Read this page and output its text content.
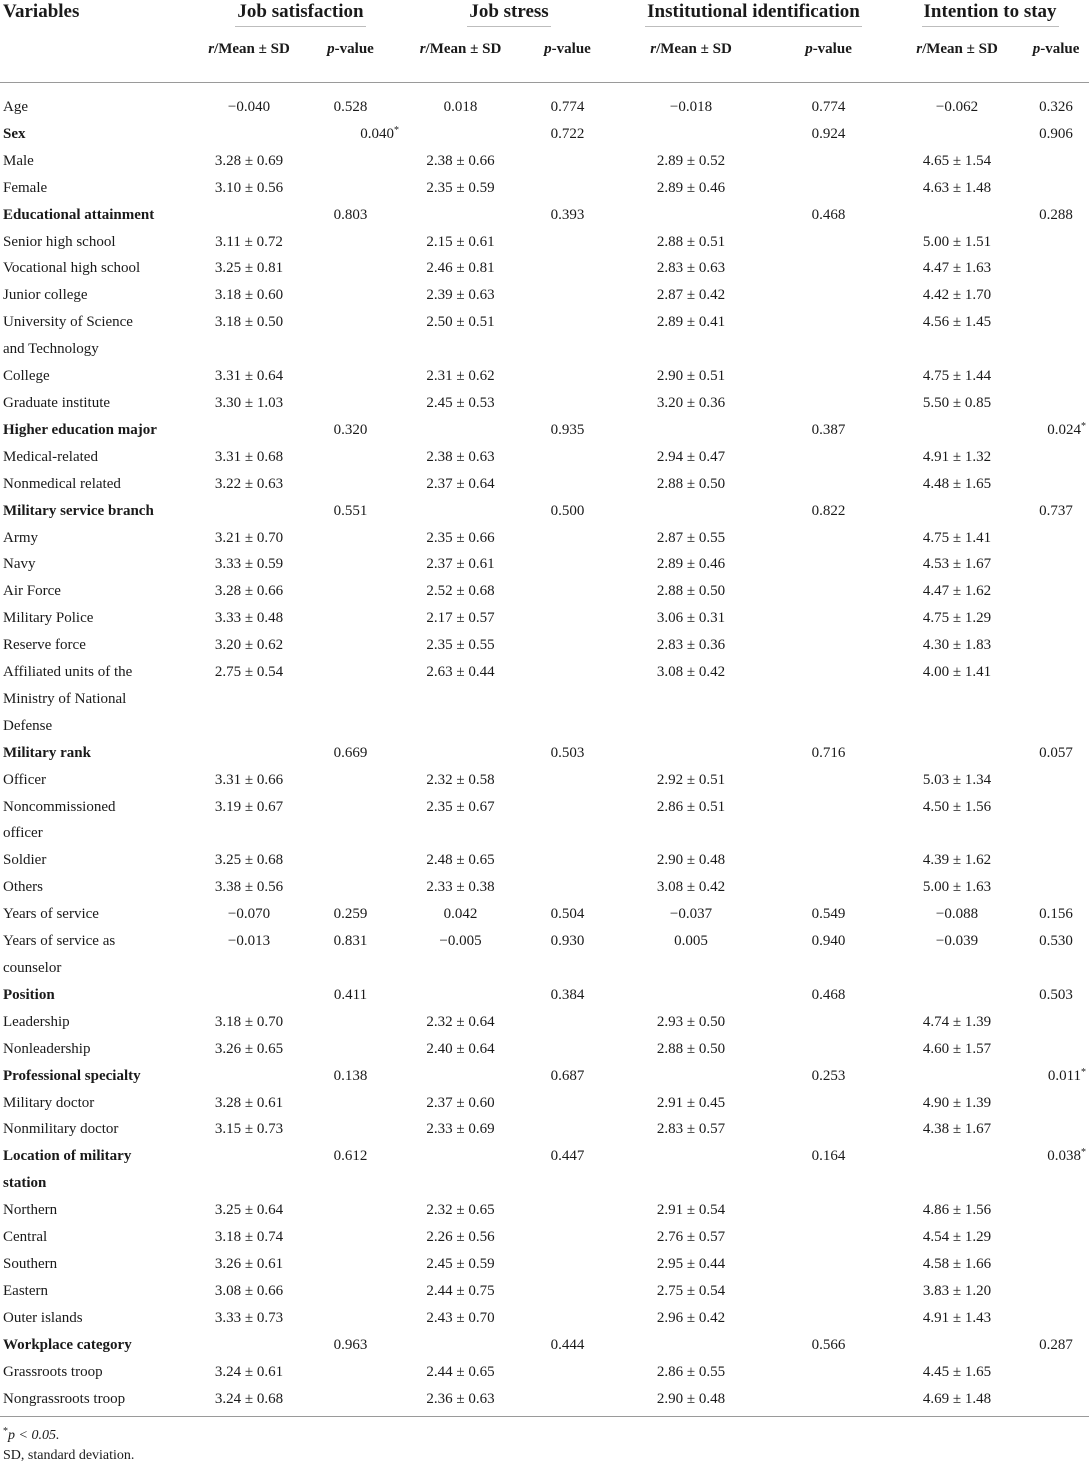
Variables	Job satisfaction		Job stress		Institutional identification		Intention to stay	
	r/Mean ± SD	p-value	r/Mean ± SD	p-value	r/Mean ± SD	p-value	r/Mean ± SD	p-value

Age	−0.040	0.528	0.018	0.774	−0.018	0.774	−0.062	0.326
Sex		0.040*		0.722		0.924		0.906
Male	3.28 ± 0.69		2.38 ± 0.66		2.89 ± 0.52		4.65 ± 1.54	
Female	3.10 ± 0.56		2.35 ± 0.59		2.89 ± 0.46		4.63 ± 1.48	
Educational attainment		0.803		0.393		0.468		0.288
Senior high school	3.11 ± 0.72		2.15 ± 0.61		2.88 ± 0.51		5.00 ± 1.51	
Vocational high school	3.25 ± 0.81		2.46 ± 0.81		2.83 ± 0.63		4.47 ± 1.63	
Junior college	3.18 ± 0.60		2.39 ± 0.63		2.87 ± 0.42		4.42 ± 1.70	
University of Science
and Technology	3.18 ± 0.50		2.50 ± 0.51		2.89 ± 0.41		4.56 ± 1.45	
College	3.31 ± 0.64		2.31 ± 0.62		2.90 ± 0.51		4.75 ± 1.44	
Graduate institute	3.30 ± 1.03		2.45 ± 0.53		3.20 ± 0.36		5.50 ± 0.85	
Higher education major		0.320		0.935		0.387		0.024*
Medical-related	3.31 ± 0.68		2.38 ± 0.63		2.94 ± 0.47		4.91 ± 1.32	
Nonmedical related	3.22 ± 0.63		2.37 ± 0.64		2.88 ± 0.50		4.48 ± 1.65	
Military service branch		0.551		0.500		0.822		0.737
Army	3.21 ± 0.70		2.35 ± 0.66		2.87 ± 0.55		4.75 ± 1.41	
Navy	3.33 ± 0.59		2.37 ± 0.61		2.89 ± 0.46		4.53 ± 1.67	
Air Force	3.28 ± 0.66		2.52 ± 0.68		2.88 ± 0.50		4.47 ± 1.62	
Military Police	3.33 ± 0.48		2.17 ± 0.57		3.06 ± 0.31		4.75 ± 1.29	
Reserve force	3.20 ± 0.62		2.35 ± 0.55		2.83 ± 0.36		4.30 ± 1.83	
Affiliated units of the
Ministry of National
Defense	2.75 ± 0.54		2.63 ± 0.44		3.08 ± 0.42		4.00 ± 1.41	
Military rank		0.669		0.503		0.716		0.057
Officer	3.31 ± 0.66		2.32 ± 0.58		2.92 ± 0.51		5.03 ± 1.34	
Noncommissioned
officer	3.19 ± 0.67		2.35 ± 0.67		2.86 ± 0.51		4.50 ± 1.56	
Soldier	3.25 ± 0.68		2.48 ± 0.65		2.90 ± 0.48		4.39 ± 1.62	
Others	3.38 ± 0.56		2.33 ± 0.38		3.08 ± 0.42		5.00 ± 1.63	
Years of service	−0.070	0.259	0.042	0.504	−0.037	0.549	−0.088	0.156
Years of service as
counselor	−0.013	0.831	−0.005	0.930	0.005	0.940	−0.039	0.530
Position		0.411		0.384		0.468		0.503
Leadership	3.18 ± 0.70		2.32 ± 0.64		2.93 ± 0.50		4.74 ± 1.39	
Nonleadership	3.26 ± 0.65		2.40 ± 0.64		2.88 ± 0.50		4.60 ± 1.57	
Professional specialty		0.138		0.687		0.253		0.011*
Military doctor	3.28 ± 0.61		2.37 ± 0.60		2.91 ± 0.45		4.90 ± 1.39	
Nonmilitary doctor	3.15 ± 0.73		2.33 ± 0.69		2.83 ± 0.57		4.38 ± 1.67	
Location of military
station		0.612		0.447		0.164		0.038*
Northern	3.25 ± 0.64		2.32 ± 0.65		2.91 ± 0.54		4.86 ± 1.56	
Central	3.18 ± 0.74		2.26 ± 0.56		2.76 ± 0.57		4.54 ± 1.29	
Southern	3.26 ± 0.61		2.45 ± 0.59		2.95 ± 0.44		4.58 ± 1.66	
Eastern	3.08 ± 0.66		2.44 ± 0.75		2.75 ± 0.54		3.83 ± 1.20	
Outer islands	3.33 ± 0.73		2.43 ± 0.70		2.96 ± 0.42		4.91 ± 1.43	
Workplace category		0.963		0.444		0.566		0.287
Grassroots troop	3.24 ± 0.61		2.44 ± 0.65		2.86 ± 0.55		4.45 ± 1.65	
Nongrassroots troop	3.24 ± 0.68		2.36 ± 0.63		2.90 ± 0.48		4.69 ± 1.48	
*p < 0.05.
SD, standard deviation.
